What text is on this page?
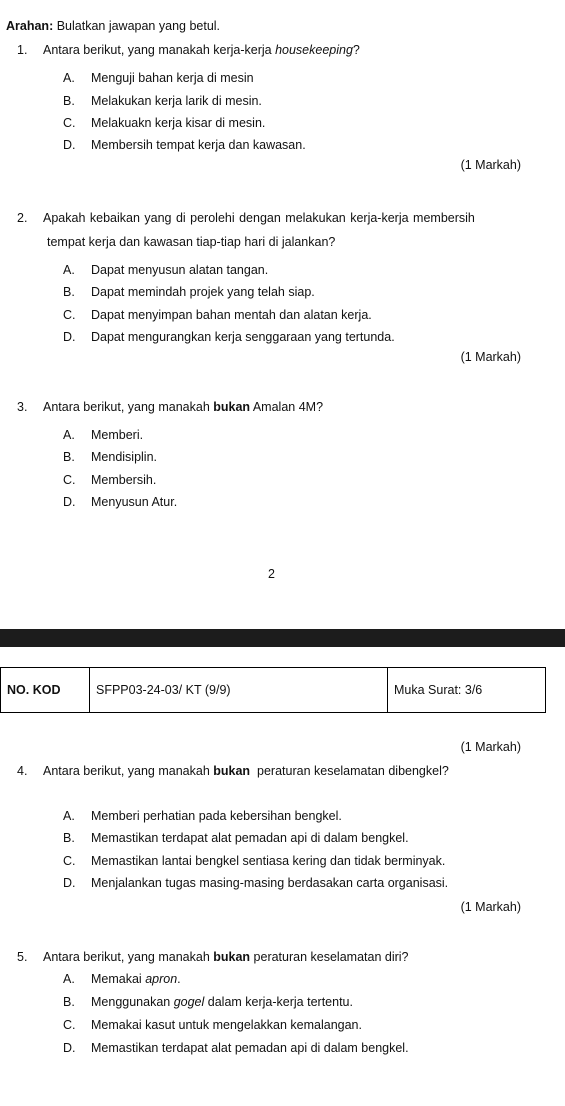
Arahan: Bulatkan jawapan yang betul.
1. Antara berikut, yang manakah kerja-kerja housekeeping?
A. Menguji bahan kerja di mesin
B. Melakukan kerja larik di mesin.
C. Melakuakn kerja kisar di mesin.
D. Membersih tempat kerja dan kawasan.
(1 Markah)
2. Apakah kebaikan yang di perolehi dengan melakukan kerja-kerja membersih
tempat kerja dan kawasan tiap-tiap hari di jalankan?
A. Dapat menyusun alatan tangan.
B. Dapat memindah projek yang telah siap.
C. Dapat menyimpan bahan mentah dan alatan kerja.
D. Dapat mengurangkan kerja senggaraan yang tertunda.
(1 Markah)
3. Antara berikut, yang manakah bukan Amalan 4M?
A. Memberi.
B. Mendisiplin.
C. Membersih.
D. Menyusun Atur.
2
NO. KOD	SFPP03-24-03/ KT (9/9)	Muka Surat: 3/6
(1 Markah)
4. Antara berikut, yang manakah bukan  peraturan keselamatan dibengkel?
A. Memberi perhatian pada kebersihan bengkel.
B. Memastikan terdapat alat pemadan api di dalam bengkel.
C. Memastikan lantai bengkel sentiasa kering dan tidak berminyak.
D. Menjalankan tugas masing-masing berdasakan carta organisasi.
(1 Markah)
5. Antara berikut, yang manakah bukan peraturan keselamatan diri?
A. Memakai apron.
B. Menggunakan gogel dalam kerja-kerja tertentu.
C. Memakai kasut untuk mengelakkan kemalangan.
D. Memastikan terdapat alat pemadan api di dalam bengkel.
